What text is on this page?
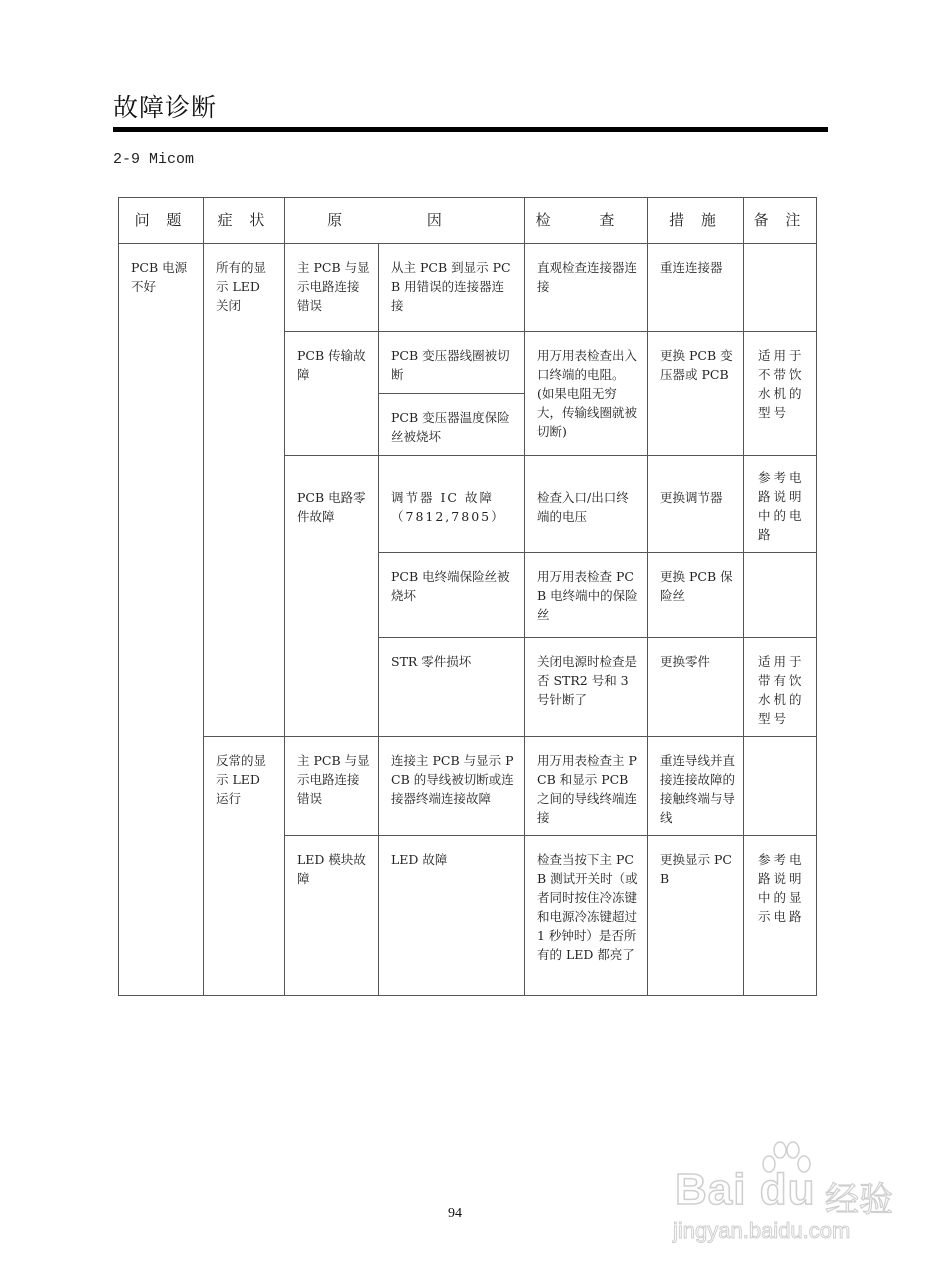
故障诊断
2-9 Micom
问 题	症 状	原 因		检 查	措 施	备 注
PCB 电源不好	所有的显示 LED 关闭	主 PCB 与显示电路连接错误	从主 PCB 到显示 PCB 用错误的连接器连接	直观检查连接器连接	重连连接器	
		PCB 传输故障	PCB 变压器线圈被切断	用万用表检查出入口终端的电阻。(如果电阻无穷大，传输线圈就被切断)	更换 PCB 变压器或 PCB	适用于不带饮水机的型号
			PCB 变压器温度保险丝被烧坏			
		PCB 电路零件故障	调节器 IC 故障（7812,7805）	检查入口/出口终端的电压	更换调节器	参考电路说明中的电路
			PCB 电终端保险丝被烧坏	用万用表检查 PCB 电终端中的保险丝	更换 PCB 保险丝	
			STR 零件损坏	关闭电源时检查是否 STR2 号和 3 号针断了	更换零件	适用于带有饮水机的型号
	反常的显示 LED 运行	主 PCB 与显示电路连接错误	连接主 PCB 与显示 PCB 的导线被切断或连接器终端连接故障	用万用表检查主 PCB 和显示 PCB 之间的导线终端连接	重连导线并直接连接故障的接触终端与导线	
		LED 模块故障	LED 故障	检查当按下主 PCB 测试开关时（或者同时按住冷冻键和电源冷冻键超过 1 秒钟时）是否所有的 LED 都亮了	更换显示 PCB	参考电路说明中的显示电路
94	Bai du 经验
jingyan.baidu.com
